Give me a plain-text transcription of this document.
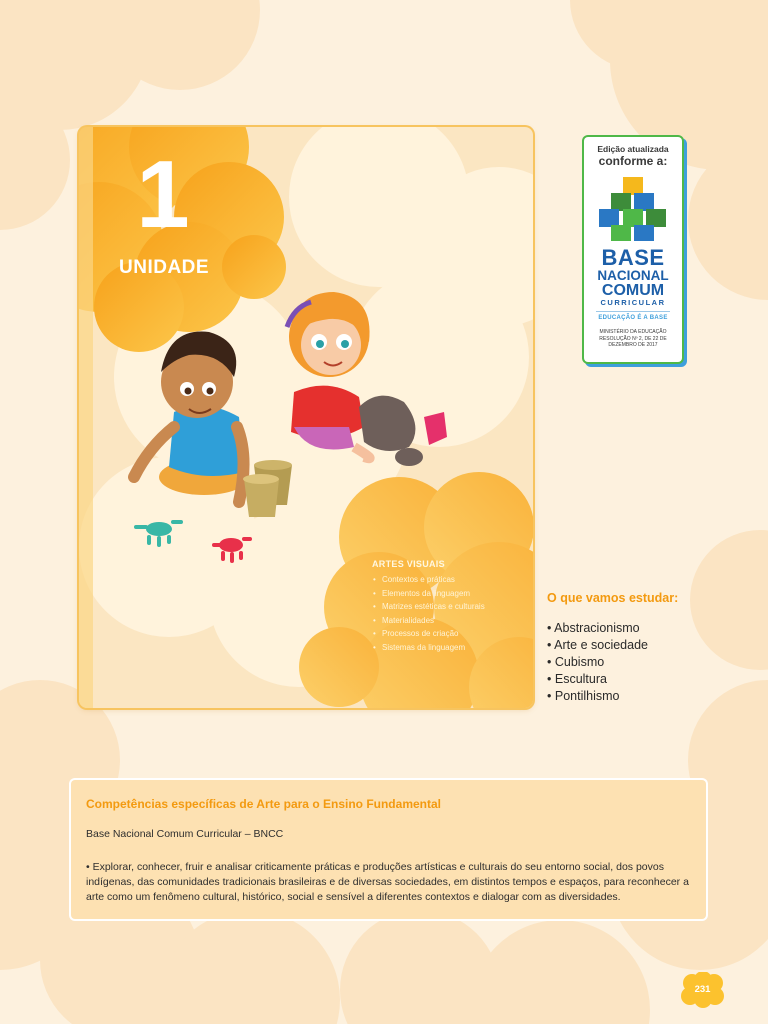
1
UNIDADE
ARTES VISUAIS
• Contextos e práticas
• Elementos da linguagem
• Matrizes estéticas e culturais
• Materialidades
• Processos de criação
• Sistemas da linguagem
Edição atualizada
conforme a:
BASE
NACIONAL
COMUM
CURRICULAR
EDUCAÇÃO É A BASE
MINISTÉRIO DA EDUCAÇÃO RESOLUÇÃO Nº 2, DE 22 DE DEZEMBRO DE 2017
O que vamos estudar:
• Abstracionismo
• Arte e sociedade
• Cubismo
• Escultura
• Pontilhismo
Competências específicas de Arte para o Ensino Fundamental
Base Nacional Comum Curricular – BNCC
• Explorar, conhecer, fruir e analisar criticamente práticas e produções artísticas e culturais do seu entorno social, dos povos indígenas, das comunidades tradicionais brasileiras e de diversas sociedades, em distintos tempos e espaços, para reconhecer a arte como um fenômeno cultural, histórico, social e sensível a diferentes contextos e dialogar com as diversidades.
231
